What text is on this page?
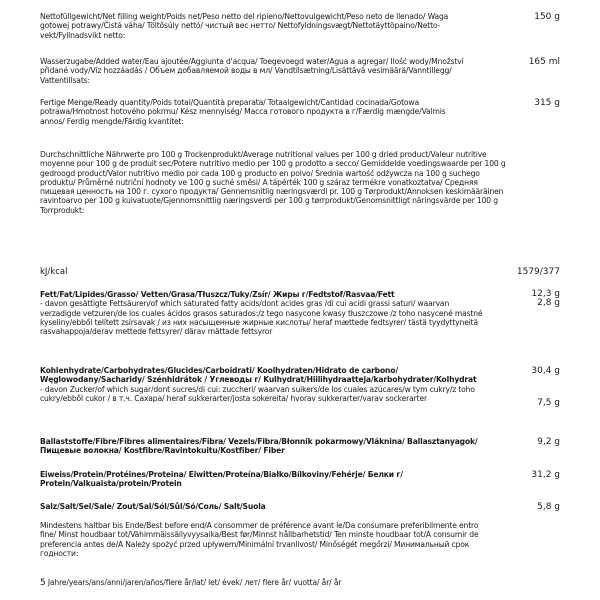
Nettofüllgewicht/Net filling weight/Poids net/Peso netto del ripieno/Nettovulgewicht/Peso neto de llenado/ Waga gotowej potrawy/Čistá váha/ Töltősúly nettó/ чистый вес нетто/ Nettofyldningsvægt/Nettotäyttöpaino/Netto-vekt/Fyllnadsvikt netto:
150 g
Wasserzugabe/Added water/Eau ajoutée/Aggiunta d'acqua/ Toegevoegd water/Agua a agregar/ Ilość wody/Množství přidané vody/Víz hozzáadás / Объем добавляемой воды в мл/ Vandtilsætning/Lisättävä vesimäärä/Vanntillegg/ Vattentillsats:
165 ml
Fertige Menge/Ready quantity/Poids total/Quantità preparata/ Totaalgewicht/Cantidad cocinada/Gotowa potrawa/Hmotnost hotového pokrmu/ Kész mennyiség/ Масса готового продукта в г/Færdig mængde/Valmis annos/ Ferdig mengde/Färdig kvantitet:
315 g
Durchschnittliche Nährwerte pro 100 g Trockenprodukt/Average nutritional values per 100 g dried product/Valeur nutritive moyenne pour 100 g de produit sec/Potere nutritivo medio per 100 g prodotto a secco/ Gemiddelde voedingswaarde per 100 g gedroogd product/Valor nutritivo medio por cada 100 g producto en polvo/ Średnia wartość odżywcza na 100 g suchego produktu/ Průměrné nutriční hodnoty ve 100 g suché směsi/ A tápérték 100 g száraz termékre vonatkoztatva/ Средняя пищевая ценность на 100 г. сухого продукта/ Gennemsnitlig næringsværdi pr. 100 g Tørprodukt/Annoksen keskimääräinen ravintoarvo per 100 g kuivatuote/Gjennomsnittlig næringsverdi per 100 g tørrprodukt/Genomsnittligt näringsvärde per 100 g Torrprodukt:
kJ/kcal	1579/377
Fett/Fat/Lipides/Grasso/ Vetten/Grasa/Tłuszcz/Tuky/Zsír/ Жиры г/Fedtstof/Rasvaa/Fett
- davon gesättigte Fettsäuren/of which saturated fatty acids/dont acides gras /di cui acidi grassi saturi/ waarvan verzadigde vetzuren/de los cuales ácidos grasos saturados:/z tego nasycone kwasy tłuszczowe /z toho nasycené mastné kyseliny/ebből telített zsírsavak / из них насыщенные жирные кислоты/ heraf mættede fedtsyrer/ tästä tyydyttyneitä rasvahappoja/derav mettede fettsyrer/ därav mättade fettsyror
12,3 g
2,8 g
Kohlenhydrate/Carbohydrates/Glucides/Carboidrati/ Koolhydraten/Hidrato de carbono/ Węglowodany/Sacharidy/ Szénhidrátok / Углеводы г/ Kulhydrat/Hiilihydraatteja/karbohydrater/Kolhydrat
- davon Zucker/of which sugar/dont sucres/di cui: zuccheri/ waarvan suikers/de los cuales azúcares/w tym cukry/z toho cukry/ebből cukor / в т.ч. Сахара/ heraf sukkerarter/josta sokereita/ hvorav sukkerarter/varav sockerarter
30,4 g
7,5 g
Ballaststoffe/Fibre/Fibres alimentaires/Fibra/ Vezels/Fibra/Błonnik pokarmowy/Vláknina/ Ballasztanyagok/ Пищевые волокна/ Kostfibre/Ravintokuitu/Kostfiber/ Fiber
9,2 g
Eiweiss/Protein/Protéines/Proteina/ Eiwitten/Proteína/Białko/Bílkoviny/Fehérje/ Белки г/ Protein/Valkuaista/protein/Protein
31,2 g
Salz/Salt/Sel/Sale/ Zout/Sal/Sól/Sůl/Só/Соль/ Salt/Suola	5,8 g
Mindestens haltbar bis Ende/Best before end/A consommer de préférence avant le/Da consumare preferibilmente entro fine/ Minst houdbaar tot/Vähimmäissäilyvyysaika/Best før/Minnst hållbarhetstid/ Ten minste houdbaar tot/A consumir de preferencia antes de/A Należy spożyć przed upływem/Minimální trvanlivost/ Minőségét megőrzi/ Минимальный срок годности:
5 Jahre/years/ans/anni/jaren/años/flere år/lat/ let/ évek/ лет/ flere år/ vuotta/ år/ år
